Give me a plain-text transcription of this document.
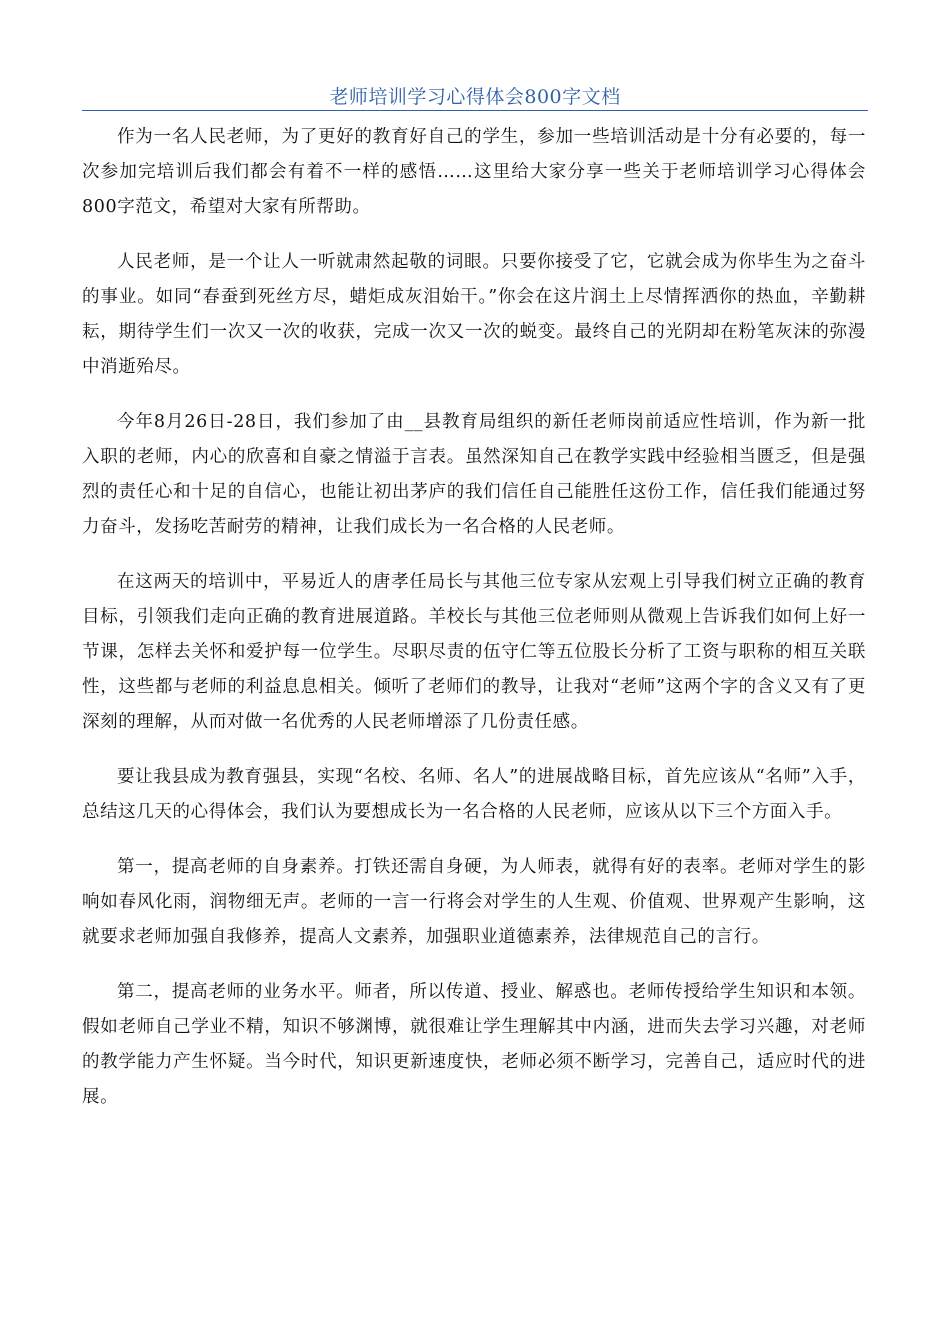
老师培训学习心得体会800字文档

作为一名人民老师，为了更好的教育好自己的学生，参加一些培训活动是十分有必要的，每一次参加完培训后我们都会有着不一样的感悟……这里给大家分享一些关于老师培训学习心得体会800字范文，希望对大家有所帮助。

人民老师，是一个让人一听就肃然起敬的词眼。只要你接受了它，它就会成为你毕生为之奋斗的事业。如同“春蚕到死丝方尽，蜡炬成灰泪始干。”你会在这片润土上尽情挥洒你的热血，辛勤耕耘，期待学生们一次又一次的收获，完成一次又一次的蜕变。最终自己的光阴却在粉笔灰沫的弥漫中消逝殆尽。

今年8月26日-28日，我们参加了由__县教育局组织的新任老师岗前适应性培训，作为新一批入职的老师，内心的欣喜和自豪之情溢于言表。虽然深知自己在教学实践中经验相当匮乏，但是强烈的责任心和十足的自信心，也能让初出茅庐的我们信任自己能胜任这份工作，信任我们能通过努力奋斗，发扬吃苦耐劳的精神，让我们成长为一名合格的人民老师。

在这两天的培训中，平易近人的唐孝任局长与其他三位专家从宏观上引导我们树立正确的教育目标，引领我们走向正确的教育进展道路。羊校长与其他三位老师则从微观上告诉我们如何上好一节课，怎样去关怀和爱护每一位学生。尽职尽责的伍守仁等五位股长分析了工资与职称的相互关联性，这些都与老师的利益息息相关。倾听了老师们的教导，让我对“老师”这两个字的含义又有了更深刻的理解，从而对做一名优秀的人民老师增添了几份责任感。

要让我县成为教育强县，实现“名校、名师、名人”的进展战略目标，首先应该从“名师”入手，总结这几天的心得体会，我们认为要想成长为一名合格的人民老师，应该从以下三个方面入手。

第一，提高老师的自身素养。打铁还需自身硬，为人师表，就得有好的表率。老师对学生的影响如春风化雨，润物细无声。老师的一言一行将会对学生的人生观、价值观、世界观产生影响，这就要求老师加强自我修养，提高人文素养，加强职业道德素养，法律规范自己的言行。

第二，提高老师的业务水平。师者，所以传道、授业、解惑也。老师传授给学生知识和本领。假如老师自己学业不精，知识不够渊博，就很难让学生理解其中内涵，进而失去学习兴趣，对老师的教学能力产生怀疑。当今时代，知识更新速度快，老师必须不断学习，完善自己，适应时代的进展。
